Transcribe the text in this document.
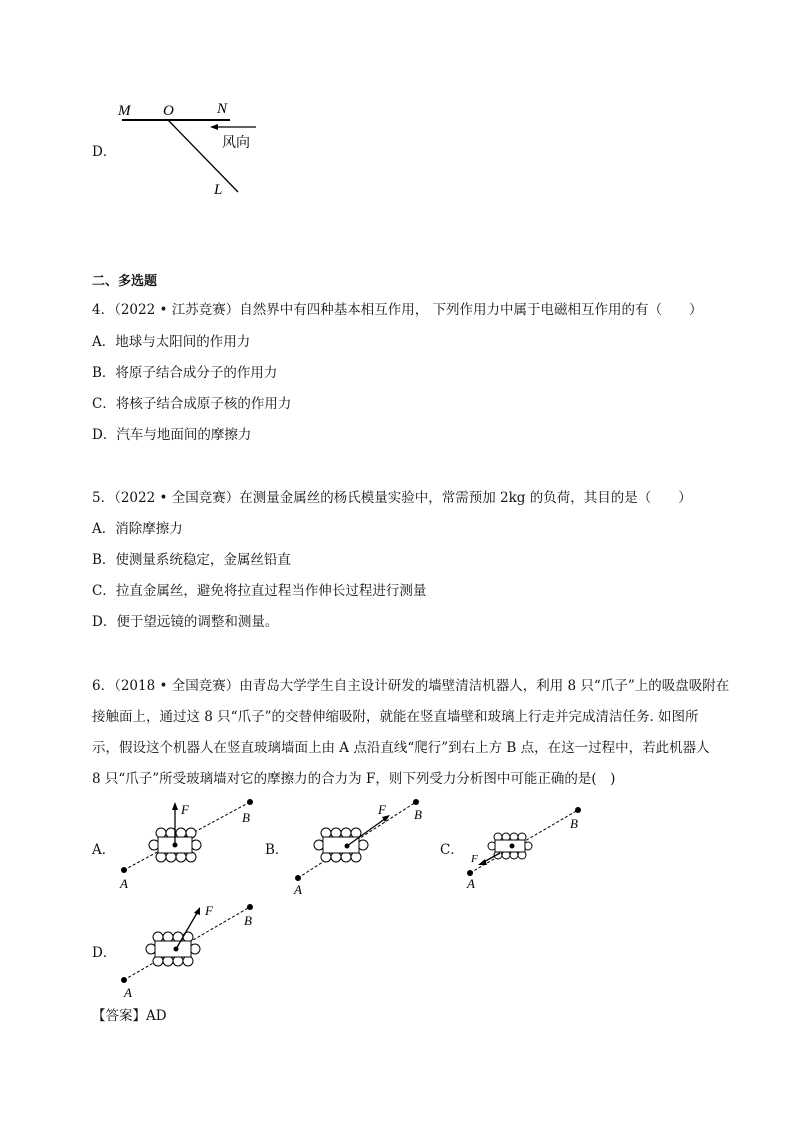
D．
M O	N
L
风向
二、多选题
4．（2022 • 江苏竞赛）自然界中有四种基本相互作用， 下列作用力中属于电磁相互作用的有（　　）
A．地球与太阳间的作用力
B．将原子结合成分子的作用力
C．将核子结合成原子核的作用力
D．汽车与地面间的摩擦力
5．（2022 • 全国竞赛）在测量金属丝的杨氏模量实验中，常需预加 2kg 的负荷，其目的是（　　）
A．消除摩擦力
B．使测量系统稳定，金属丝铅直
C．拉直金属丝，避免将拉直过程当作伸长过程进行测量
D．便于望远镜的调整和测量。
6．（2018 • 全国竞赛）由青岛大学学生自主设计研发的墙壁清洁机器人，利用 8 只“爪子”上的吸盘吸附在
接触面上，通过这 8 只“爪子”的交替伸缩吸附，就能在竖直墙壁和玻璃上行走并完成清洁任务. 如图所
示，假设这个机器人在竖直玻璃墙面上由 A 点沿直线“爬行”到右上方 B 点，在这一过程中，若此机器人
8 只“爪子”所受玻璃墙对它的摩擦力的合力为 F，则下列受力分析图中可能正确的是(　)
A．
F
A
B
B．
F
A
B
C．
F
A
B
D．
F
A
B
【答案】AD
